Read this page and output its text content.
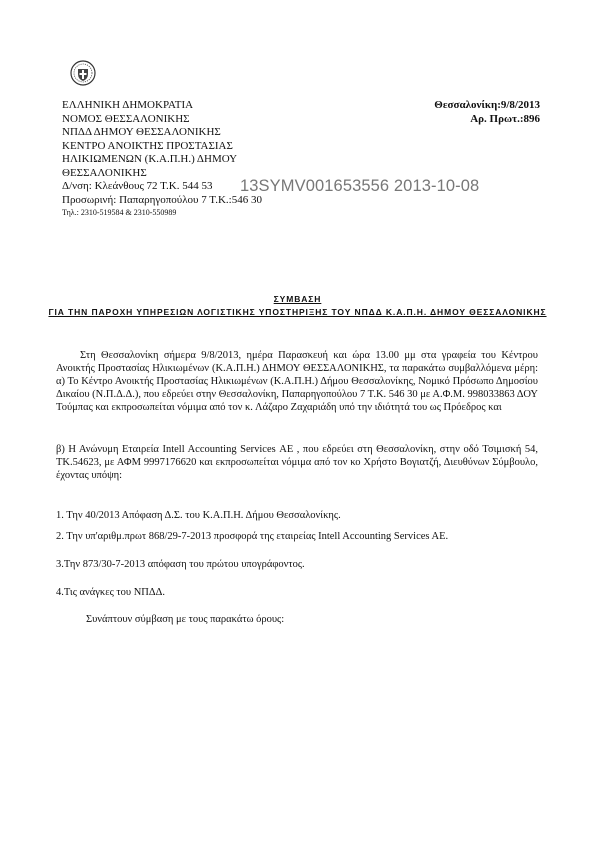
ΕΛΛΗΝΙΚΗ ΔΗΜΟΚΡΑΤΙΑ
ΝΟΜΟΣ ΘΕΣΣΑΛΟΝΙΚΗΣ
ΝΠΔΔ ΔΗΜΟΥ ΘΕΣΣΑΛΟΝΙΚΗΣ
ΚΕΝΤΡΟ ΑΝΟΙΚΤΗΣ ΠΡΟΣΤΑΣΙΑΣ
ΗΛΙΚΙΩΜΕΝΩΝ (Κ.Α.Π.Η.) ΔΗΜΟΥ
ΘΕΣΣΑΛΟΝΙΚΗΣ
Δ/νση: Κλεάνθους 72 Τ.Κ. 544 53
Προσωρινή: Παπαρηγοπούλου 7 Τ.Κ.:546 30
Τηλ.: 2310-519584 & 2310-550989
Θεσσαλονίκη:9/8/2013
Αρ. Πρωτ.:896
13SYMV001653556 2013-10-08
ΣΥΜΒΑΣΗ
ΓΙΑ ΤΗΝ ΠΑΡΟΧΗ ΥΠΗΡΕΣΙΩΝ ΛΟΓΙΣΤΙΚΗΣ ΥΠΟΣΤΗΡΙΞΗΣ ΤΟΥ ΝΠΔΔ Κ.Α.Π.Η. ΔΗΜΟΥ ΘΕΣΣΑΛΟΝΙΚΗΣ
Στη Θεσσαλονίκη σήμερα 9/8/2013, ημέρα Παρασκευή και ώρα 13.00 μμ στα γραφεία του Κέντρου Ανοικτής Προστασίας Ηλικιωμένων (Κ.Α.Π.Η.) ΔΗΜΟΥ ΘΕΣΣΑΛΟΝΙΚΗΣ, τα παρακάτω συμβαλλόμενα μέρη: α) Το Κέντρο Ανοικτής Προστασίας Ηλικιωμένων (Κ.Α.Π.Η.) Δήμου Θεσσαλονίκης, Νομικό Πρόσωπο Δημοσίου Δικαίου (Ν.Π.Δ.Δ.), που εδρεύει στην Θεσσαλονίκη, Παπαρηγοπούλου 7 Τ.Κ. 546 30 με Α.Φ.Μ. 998033863 ΔΟΥ Τούμπας και εκπροσωπείται νόμιμα από τον κ. Λάζαρο Ζαχαριάδη υπό την ιδιότητά του ως Πρόεδρος και
β) Η Ανώνυμη Εταιρεία Intell Accounting Services ΑΕ , που εδρεύει στη Θεσσαλονίκη, στην οδό Τσιμισκή 54, ΤΚ.54623, με ΑΦΜ 9997176620 και εκπροσωπείται νόμιμα από τον κο Χρήστο Βογιατζή, Διευθύνων Σύμβουλο, έχοντας υπόψη:
1. Την 40/2013 Απόφαση Δ.Σ. του Κ.Α.Π.Η. Δήμου Θεσσαλονίκης.
2. Την υπ'αριθμ.πρωτ 868/29-7-2013 προσφορά της εταιρείας Intell Accounting Services AE.
3.Την 873/30-7-2013 απόφαση του πρώτου υπογράφοντος.
4.Τις ανάγκες του ΝΠΔΔ.
Συνάπτουν σύμβαση με τους παρακάτω όρους:
